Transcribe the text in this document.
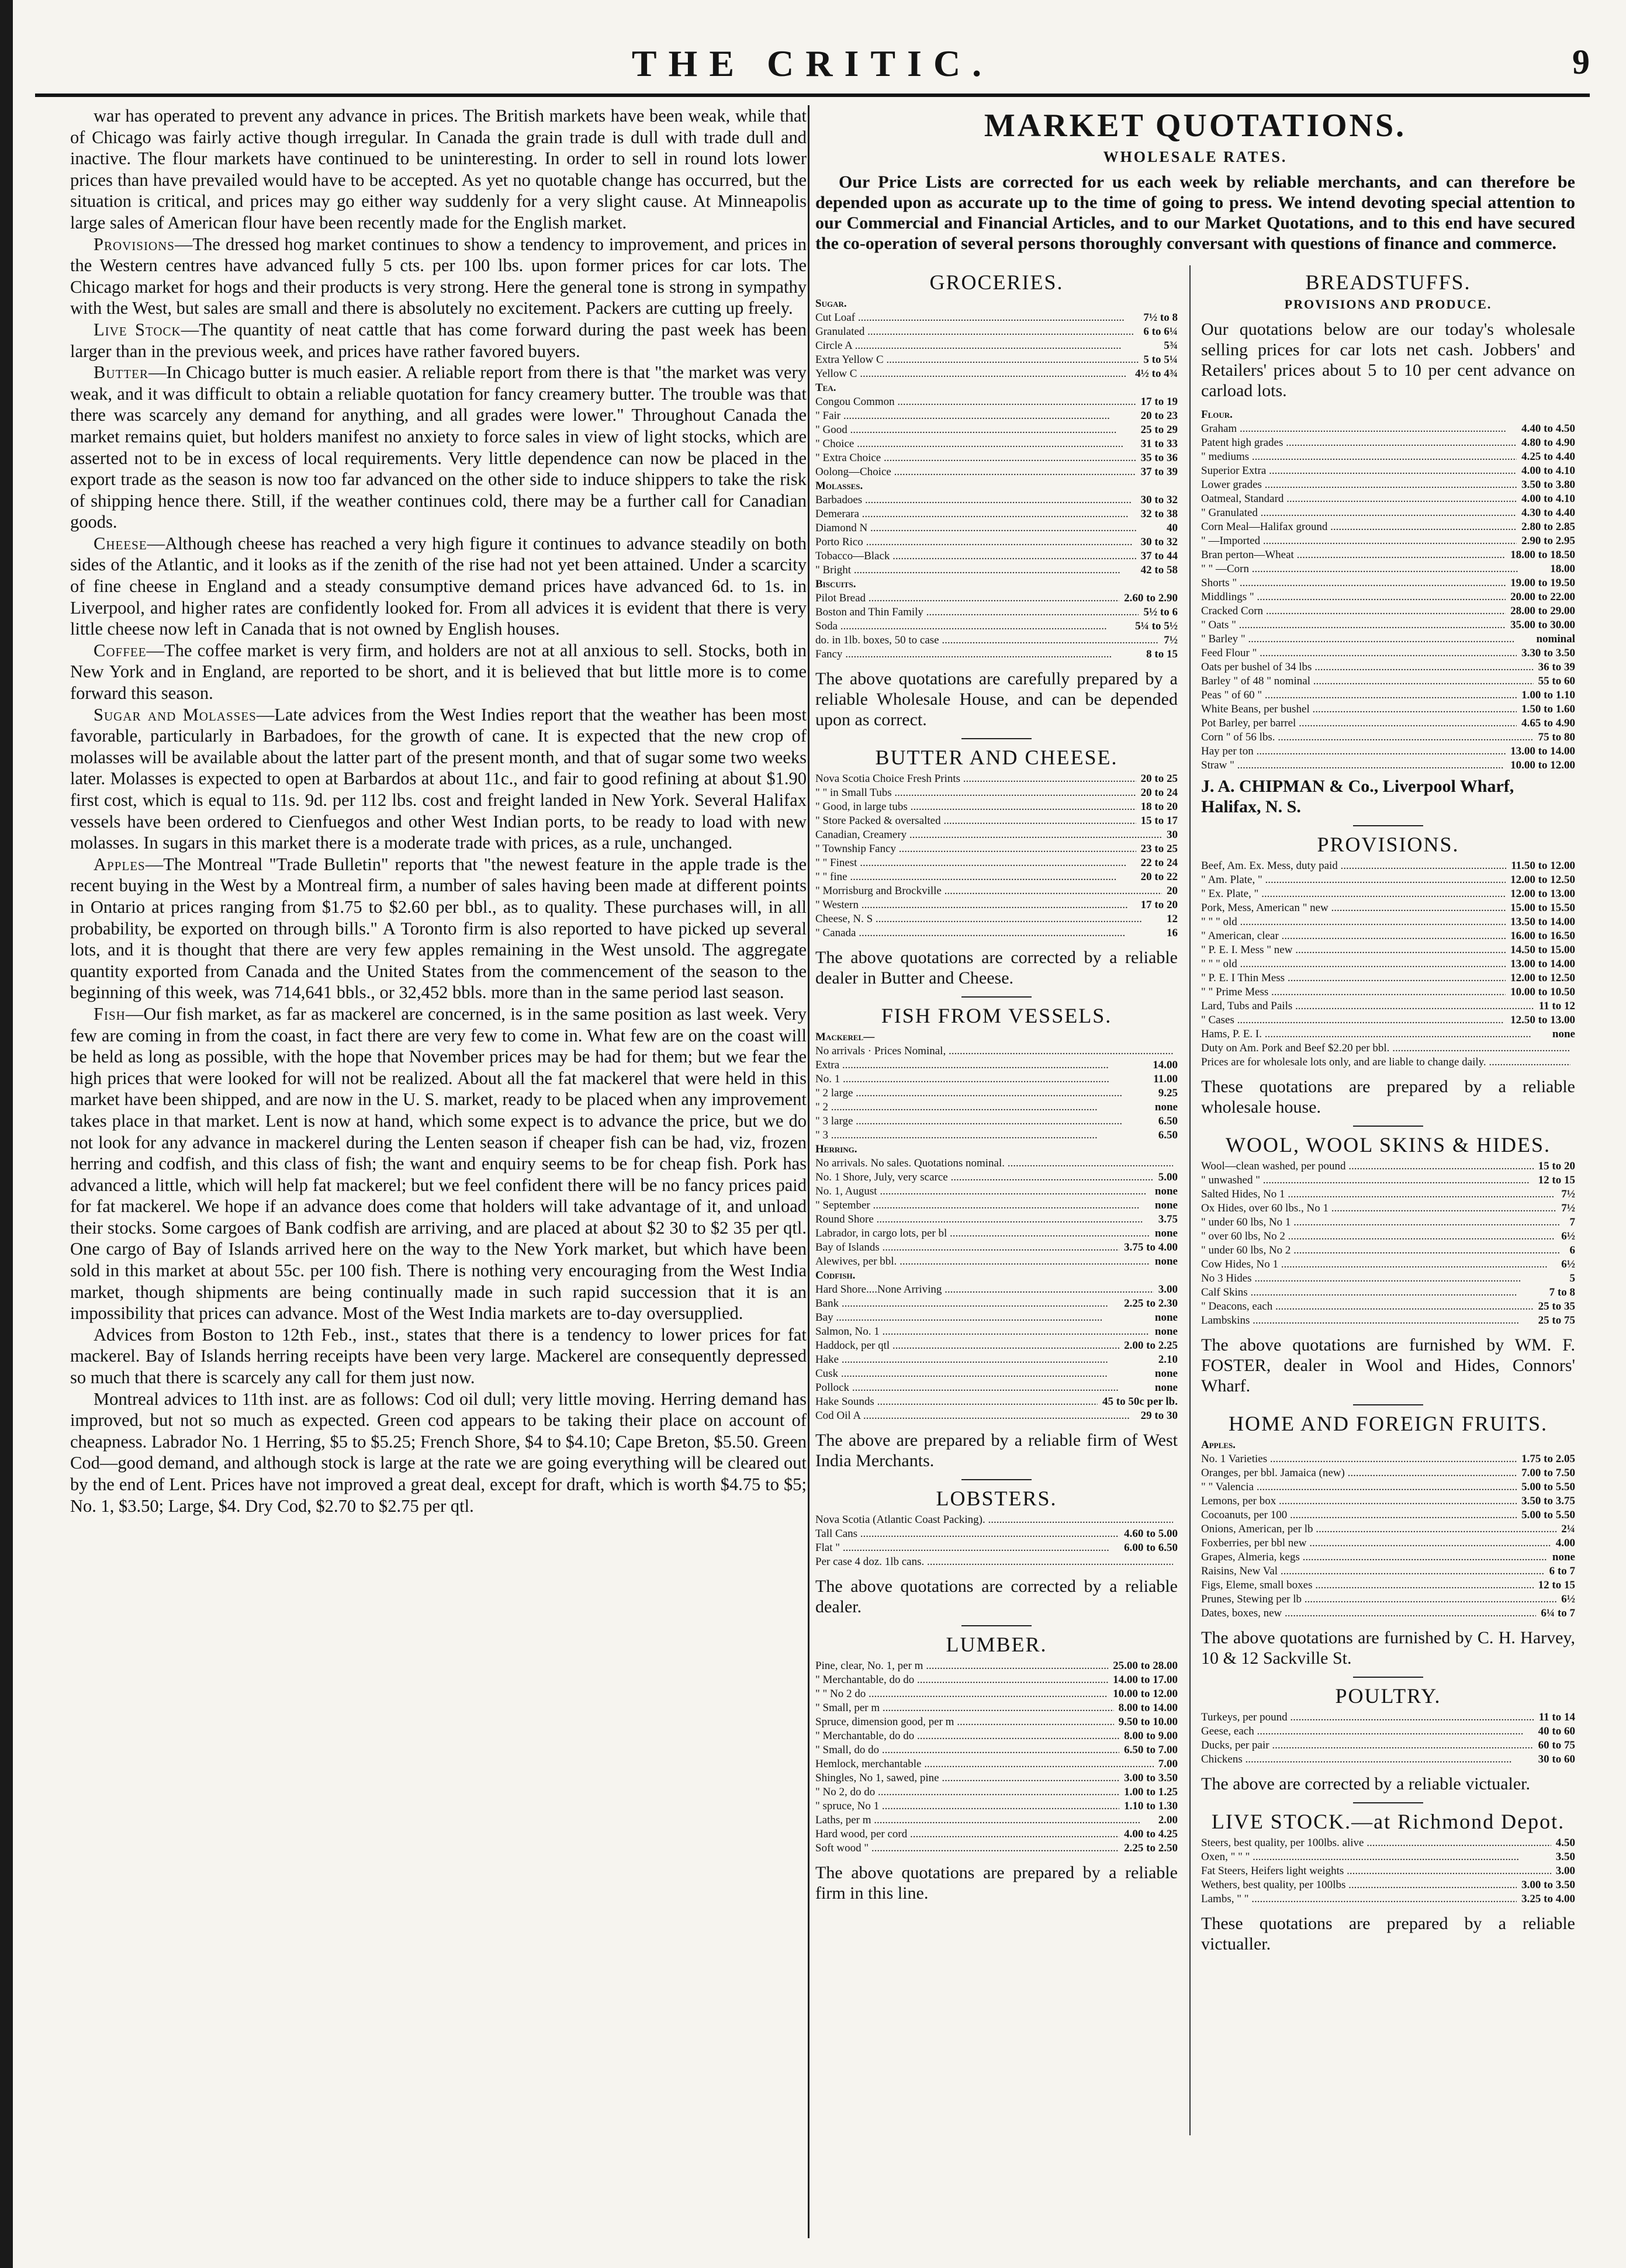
THE CRITIC.	9

war has operated to prevent any advance in prices. The British markets have been weak, while that of Chicago was fairly active though irregular. In Canada the grain trade is dull with trade dull and inactive. The flour markets have continued to be uninteresting. In order to sell in round lots lower prices than have prevailed would have to be accepted. As yet no quotable change has occurred, but the situation is critical, and prices may go either way suddenly for a very slight cause. At Minneapolis large sales of American flour have been recently made for the English market.

Provisions—The dressed hog market continues to show a tendency to improvement, and prices in the Western centres have advanced fully 5 cts. per 100 lbs. upon former prices for car lots. The Chicago market for hogs and their products is very strong. Here the general tone is strong in sympathy with the West, but sales are small and there is absolutely no excitement. Packers are cutting up freely.

Live Stock—The quantity of neat cattle that has come forward during the past week has been larger than in the previous week, and prices have rather favored buyers.

Butter—In Chicago butter is much easier. A reliable report from there is that "the market was very weak, and it was difficult to obtain a reliable quotation for fancy creamery butter. The trouble was that there was scarcely any demand for anything, and all grades were lower." Throughout Canada the market remains quiet, but holders manifest no anxiety to force sales in view of light stocks, which are asserted not to be in excess of local requirements. Very little dependence can now be placed in the export trade as the season is now too far advanced on the other side to induce shippers to take the risk of shipping hence there. Still, if the weather continues cold, there may be a further call for Canadian goods.

Cheese—Although cheese has reached a very high figure it continues to advance steadily on both sides of the Atlantic, and it looks as if the zenith of the rise had not yet been attained. Under a scarcity of fine cheese in England and a steady consumptive demand prices have advanced 6d. to 1s. in Liverpool, and higher rates are confidently looked for. From all advices it is evident that there is very little cheese now left in Canada that is not owned by English houses.

Coffee—The coffee market is very firm, and holders are not at all anxious to sell. Stocks, both in New York and in England, are reported to be short, and it is believed that but little more is to come forward this season.

Sugar and Molasses—Late advices from the West Indies report that the weather has been most favorable, particularly in Barbadoes, for the growth of cane. It is expected that the new crop of molasses will be available about the latter part of the present month, and that of sugar some two weeks later. Molasses is expected to open at Barbardos at about 11c., and fair to good refining at about $1.90 first cost, which is equal to 11s. 9d. per 112 lbs. cost and freight landed in New York. Several Halifax vessels have been ordered to Cienfuegos and other West Indian ports, to be ready to load with new molasses. In sugars in this market there is a moderate trade with prices, as a rule, unchanged.

Apples—The Montreal "Trade Bulletin" reports that "the newest feature in the apple trade is the recent buying in the West by a Montreal firm, a number of sales having been made at different points in Ontario at prices ranging from $1.75 to $2.60 per bbl., as to quality. These purchases will, in all probability, be exported on through bills." A Toronto firm is also reported to have picked up several lots, and it is thought that there are very few apples remaining in the West unsold. The aggregate quantity exported from Canada and the United States from the commencement of the season to the beginning of this week, was 714,641 bbls., or 32,452 bbls. more than in the same period last season.

Fish—Our fish market, as far as mackerel are concerned, is in the same position as last week. Very few are coming in from the coast, in fact there are very few to come in. What few are on the coast will be held as long as possible, with the hope that November prices may be had for them; but we fear the high prices that were looked for will not be realized. About all the fat mackerel that were held in this market have been shipped, and are now in the U. S. market, ready to be placed when any improvement takes place in that market. Lent is now at hand, which some expect is to advance the price, but we do not look for any advance in mackerel during the Lenten season if cheaper fish can be had, viz, frozen herring and codfish, and this class of fish; the want and enquiry seems to be for cheap fish. Pork has advanced a little, which will help fat mackerel; but we feel confident there will be no fancy prices paid for fat mackerel. We hope if an advance does come that holders will take advantage of it, and unload their stocks. Some cargoes of Bank codfish are arriving, and are placed at about $2 30 to $2 35 per qtl. One cargo of Bay of Islands arrived here on the way to the New York market, but which have been sold in this market at about 55c. per 100 fish. There is nothing very encouraging from the West India market, though shipments are being continually made in such rapid succession that it is an impossibility that prices can advance. Most of the West India markets are to-day oversupplied.

Advices from Boston to 12th Feb., inst., states that there is a tendency to lower prices for fat mackerel. Bay of Islands herring receipts have been very large. Mackerel are consequently depressed so much that there is scarcely any call for them just now.

Montreal advices to 11th inst. are as follows: Cod oil dull; very little moving. Herring demand has improved, but not so much as expected. Green cod appears to be taking their place on account of cheapness. Labrador No. 1 Herring, $5 to $5.25; French Shore, $4 to $4.10; Cape Breton, $5.50. Green Cod—good demand, and although stock is large at the rate we are going everything will be cleared out by the end of Lent. Prices have not improved a great deal, except for draft, which is worth $4.75 to $5; No. 1, $3.50; Large, $4. Dry Cod, $2.70 to $2.75 per qtl.

MARKET QUOTATIONS.
WHOLESALE RATES.

Our Price Lists are corrected for us each week by reliable merchants, and can therefore be depended upon as accurate up to the time of going to press. We intend devoting special attention to our Commercial and Financial Articles, and to our Market Quotations, and to this end have secured the co-operation of several persons thoroughly conversant with questions of finance and commerce.

GROCERIES.
Sugar.
Cut Loaf .....	7½ to 8
Granulated .....	6 to 6¼
Circle A .....	5¾
Extra Yellow C .....	5 to 5¼
Yellow C .....	4½ to 4¾
Tea.
Congou Common .....	17 to 19
" Fair .....	20 to 23
" Good .....	25 to 29
" Choice .....	31 to 33
" Extra Choice .....	35 to 36
Oolong—Choice .....	37 to 39
Molasses.
Barbadoes .....	30 to 32
Demerara .....	32 to 38
Diamond N .....	40
Porto Rico .....	30 to 32
Tobacco—Black .....	37 to 44
" Bright .....	42 to 58
Biscuits.
Pilot Bread .....	2.60 to 2.90
Boston and Thin Family .....	5½ to 6
Soda .....	5¼ to 5½
do. in 1lb. boxes, 50 to case .....	7½
Fancy .....	8 to 15

The above quotations are carefully prepared by a reliable Wholesale House, and can be depended upon as correct.

BUTTER AND CHEESE.
Nova Scotia Choice Fresh Prints .....	20 to 25
" " in Small Tubs .....	20 to 24
" Good, in large tubs .....	18 to 20
" Store Packed & oversalted .....	15 to 17
Canadian, Creamery .....	30
" Township Fancy .....	23 to 25
" " Finest .....	22 to 24
" " fine .....	20 to 22
" Morrisburg and Brockville .....	20
" Western .....	17 to 20
Cheese, N. S .....	12
" Canada .....	16

The above quotations are corrected by a reliable dealer in Butter and Cheese.

FISH FROM VESSELS.
Mackerel—
No arrivals · Prices Nominal, .....
Extra .....	14.00
No. 1 .....	11.00
" 2 large .....	9.25
" 2 .....	none
" 3 large .....	6.50
" 3 .....	6.50
Herring.
No arrivals. No sales. Quotations nominal. .....
No. 1 Shore, July, very scarce .....	5.00
No. 1, August .....	none
" September .....	none
Round Shore .....	3.75
Labrador, in cargo lots, per bl .....	none
Bay of Islands .....	3.75 to 4.00
Alewives, per bbl. .....	none
Codfish.
Hard Shore....None Arriving .....	3.00
Bank .....	2.25 to 2.30
Bay .....	none
Salmon, No. 1 .....	none
Haddock, per qtl .....	2.00 to 2.25
Hake .....	2.10
Cusk .....	none
Pollock .....	none
Hake Sounds .....	45 to 50c per lb.
Cod Oil A .....	29 to 30

The above are prepared by a reliable firm of West India Merchants.

LOBSTERS.
Nova Scotia (Atlantic Coast Packing). .....
Tall Cans .....	4.60 to 5.00
Flat " .....	6.00 to 6.50
Per case 4 doz. 1lb cans. .....

The above quotations are corrected by a reliable dealer.

LUMBER.
Pine, clear, No. 1, per m .....	25.00 to 28.00
" Merchantable, do do .....	14.00 to 17.00
" " No 2 do .....	10.00 to 12.00
" Small, per m .....	8.00 to 14.00
Spruce, dimension good, per m .....	9.50 to 10.00
" Merchantable, do do .....	8.00 to 9.00
" Small, do do .....	6.50 to 7.00
Hemlock, merchantable .....	7.00
Shingles, No 1, sawed, pine .....	3.00 to 3.50
" No 2, do do .....	1.00 to 1.25
" spruce, No 1 .....	1.10 to 1.30
Laths, per m .....	2.00
Hard wood, per cord .....	4.00 to 4.25
Soft wood " .....	2.25 to 2.50

The above quotations are prepared by a reliable firm in this line.

BREADSTUFFS.
PROVISIONS AND PRODUCE.

Our quotations below are our today's wholesale selling prices for car lots net cash. Jobbers' and Retailers' prices about 5 to 10 per cent advance on carload lots.

Flour.
Graham .....	4.40 to 4.50
Patent high grades .....	4.80 to 4.90
" mediums .....	4.25 to 4.40
Superior Extra .....	4.00 to 4.10
Lower grades .....	3.50 to 3.80
Oatmeal, Standard .....	4.00 to 4.10
" Granulated .....	4.30 to 4.40
Corn Meal—Halifax ground .....	2.80 to 2.85
" —Imported .....	2.90 to 2.95
Bran perton—Wheat .....	18.00 to 18.50
" " —Corn .....	18.00
Shorts " .....	19.00 to 19.50
Middlings " .....	20.00 to 22.00
Cracked Corn .....	28.00 to 29.00
" Oats " .....	35.00 to 30.00
" Barley " .....	nominal
Feed Flour " .....	3.30 to 3.50
Oats per bushel of 34 lbs .....	36 to 39
Barley " of 48 " nominal .....	55 to 60
Peas " of 60 " .....	1.00 to 1.10
White Beans, per bushel .....	1.50 to 1.60
Pot Barley, per barrel .....	4.65 to 4.90
Corn " of 56 lbs. .....	75 to 80
Hay per ton .....	13.00 to 14.00
Straw " .....	10.00 to 12.00

J. A. CHIPMAN & Co., Liverpool Wharf, Halifax, N. S.

PROVISIONS.
Beef, Am. Ex. Mess, duty paid .....	11.50 to 12.00
" Am. Plate, " .....	12.00 to 12.50
" Ex. Plate, " .....	12.00 to 13.00
Pork, Mess, American " new .....	15.00 to 15.50
" " " old .....	13.50 to 14.00
" American, clear .....	16.00 to 16.50
" P. E. I. Mess " new .....	14.50 to 15.00
" " " old .....	13.00 to 14.00
" P. E. I Thin Mess .....	12.00 to 12.50
" " Prime Mess .....	10.00 to 10.50
Lard, Tubs and Pails .....	11 to 12
" Cases .....	12.50 to 13.00
Hams, P. E. I. .....	none
Duty on Am. Pork and Beef $2.20 per bbl. .....
Prices are for wholesale lots only, and are liable to change daily. .....

These quotations are prepared by a reliable wholesale house.

WOOL, WOOL SKINS & HIDES.
Wool—clean washed, per pound .....	15 to 20
" unwashed " .....	12 to 15
Salted Hides, No 1 .....	7½
Ox Hides, over 60 lbs., No 1 .....	7½
" under 60 lbs, No 1 .....	7
" over 60 lbs, No 2 .....	6½
" under 60 lbs, No 2 .....	6
Cow Hides, No 1 .....	6½
No 3 Hides .....	5
Calf Skins .....	7 to 8
" Deacons, each .....	25 to 35
Lambskins .....	25 to 75

The above quotations are furnished by WM. F. FOSTER, dealer in Wool and Hides, Connors' Wharf.

HOME AND FOREIGN FRUITS.
Apples.
No. 1 Varieties .....	1.75 to 2.05
Oranges, per bbl. Jamaica (new) .....	7.00 to 7.50
" " Valencia .....	5.00 to 5.50
Lemons, per box .....	3.50 to 3.75
Cocoanuts, per 100 .....	5.00 to 5.50
Onions, American, per lb .....	2¼
Foxberries, per bbl new .....	4.00
Grapes, Almeria, kegs .....	none
Raisins, New Val .....	6 to 7
Figs, Eleme, small boxes .....	12 to 15
Prunes, Stewing per lb .....	6½
Dates, boxes, new .....	6¼ to 7

The above quotations are furnished by C. H. Harvey, 10 & 12 Sackville St.

POULTRY.
Turkeys, per pound .....	11 to 14
Geese, each .....	40 to 60
Ducks, per pair .....	60 to 75
Chickens .....	30 to 60

The above are corrected by a reliable victualer.

LIVE STOCK.—at Richmond Depot.
Steers, best quality, per 100lbs. alive .....	4.50
Oxen, " " " .....	3.50
Fat Steers, Heifers light weights .....	3.00
Wethers, best quality, per 100lbs .....	3.00 to 3.50
Lambs, " " .....	3.25 to 4.00

These quotations are prepared by a reliable victualler.
